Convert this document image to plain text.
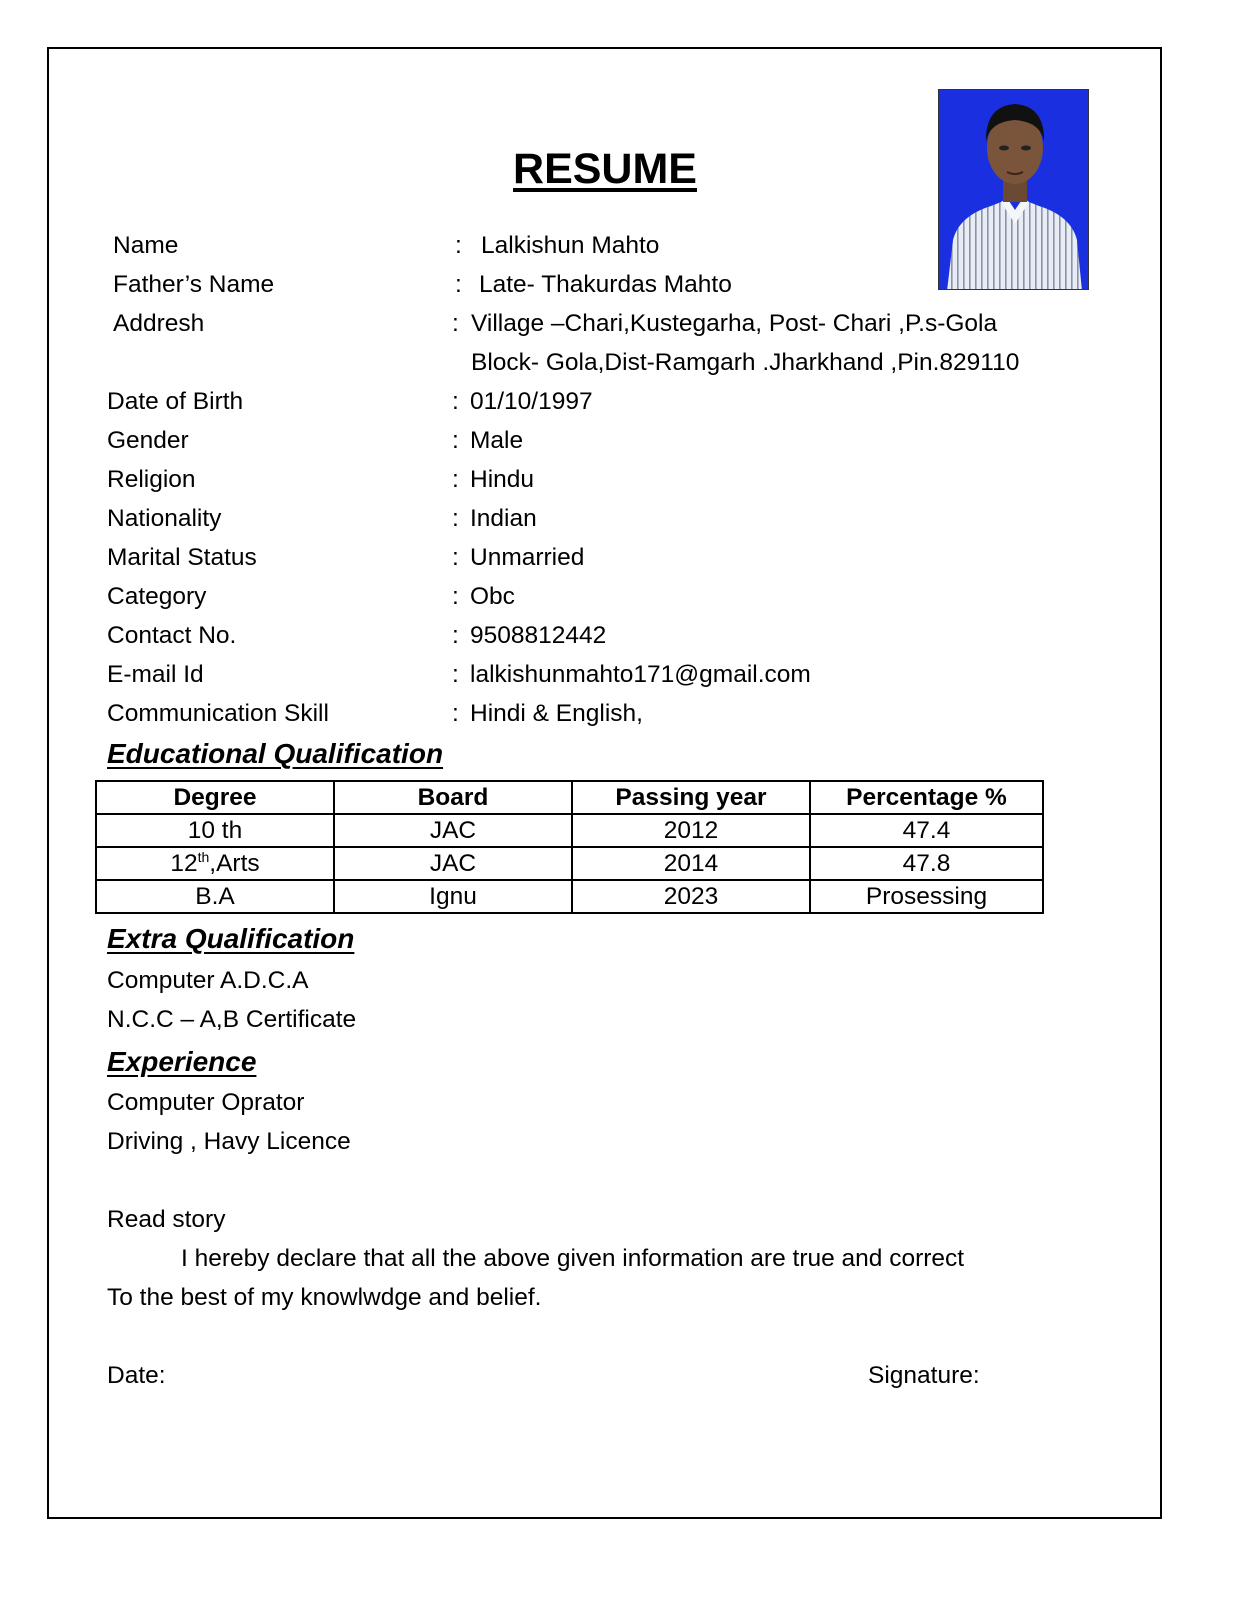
RESUME
Name	: Lalkishun Mahto
Father’s Name	: Late- Thakurdas Mahto
Addresh	: Village –Chari,Kustegarha, Post- Chari ,P.s-Gola
Block- Gola,Dist-Ramgarh .Jharkhand ,Pin.829110
Date of Birth	: 01/10/1997
Gender	: Male
Religion	: Hindu
Nationality	: Indian
Marital Status	: Unmarried
Category	: Obc
Contact No.	: 9508812442
E-mail Id	: lalkishunmahto171@gmail.com
Communication Skill	: Hindi & English,
Educational Qualification
Degree	Board	Passing year	Percentage %
10 th	JAC	2012	47.4
12th,Arts	JAC	2014	47.8
B.A	Ignu	2023	Prosessing
Extra Qualification
Computer A.D.C.A
N.C.C – A,B Certificate
Experience
Computer Oprator
Driving , Havy Licence
Read story
I hereby declare that all the above given information are true and correct
To the best of my knowlwdge and belief.
Date:	Signature:
